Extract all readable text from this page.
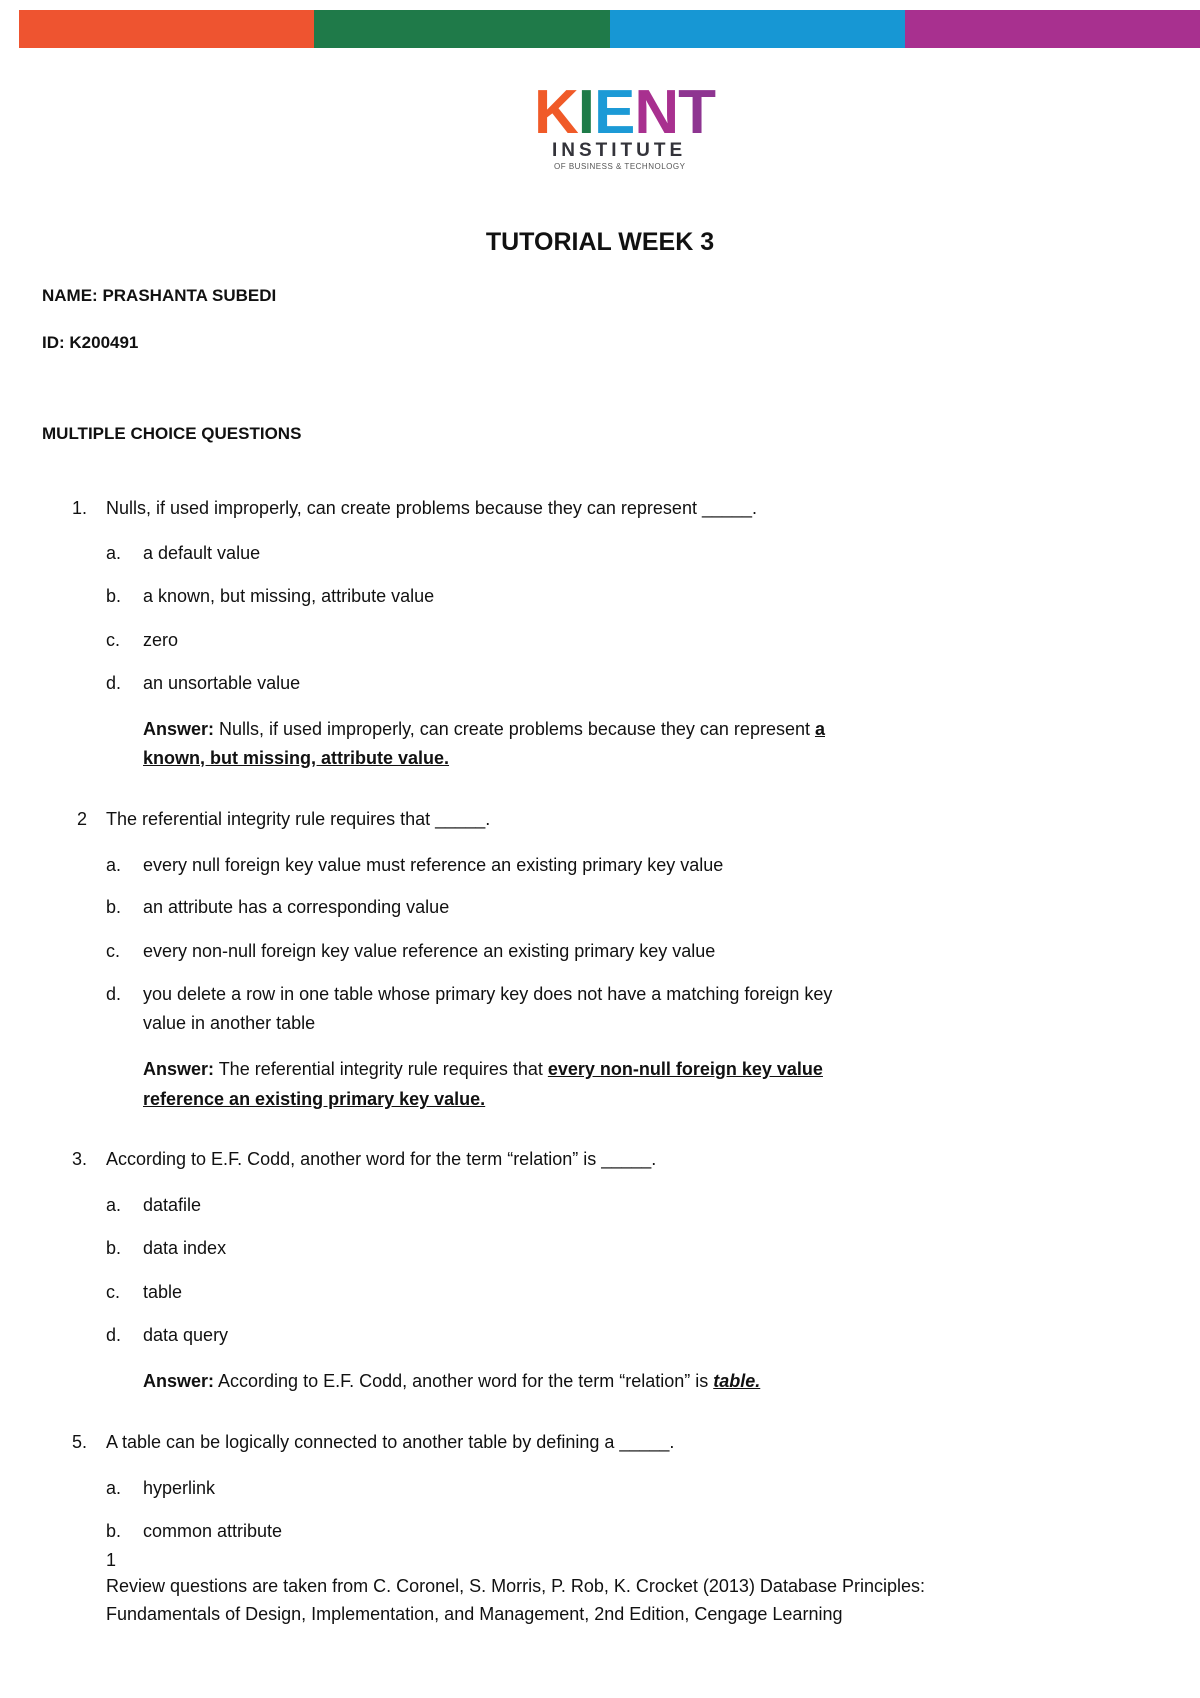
KIENT
INSTITUTE
OF BUSINESS & TECHNOLOGY
TUTORIAL WEEK 3
NAME: PRASHANTA SUBEDI
ID: K200491
MULTIPLE CHOICE QUESTIONS
1. Nulls, if used improperly, can create problems because they can represent _____.
a. a default value
b. a known, but missing, attribute value
c. zero
d. an unsortable value
Answer: Nulls, if used improperly, can create problems because they can represent a
known, but missing, attribute value.
2 The referential integrity rule requires that _____.
a. every null foreign key value must reference an existing primary key value
b. an attribute has a corresponding value
c. every non-null foreign key value reference an existing primary key value
d. you delete a row in one table whose primary key does not have a matching foreign key
value in another table
Answer: The referential integrity rule requires that every non-null foreign key value
reference an existing primary key value.
3. According to E.F. Codd, another word for the term “relation” is _____.
a. datafile
b. data index
c. table
d. data query
Answer: According to E.F. Codd, another word for the term “relation” is table.
5. A table can be logically connected to another table by defining a _____.
a. hyperlink
b. common attribute
1
Review questions are taken from C. Coronel, S. Morris, P. Rob, K. Crocket (2013) Database Principles:
Fundamentals of Design, Implementation, and Management, 2nd Edition, Cengage Learning
